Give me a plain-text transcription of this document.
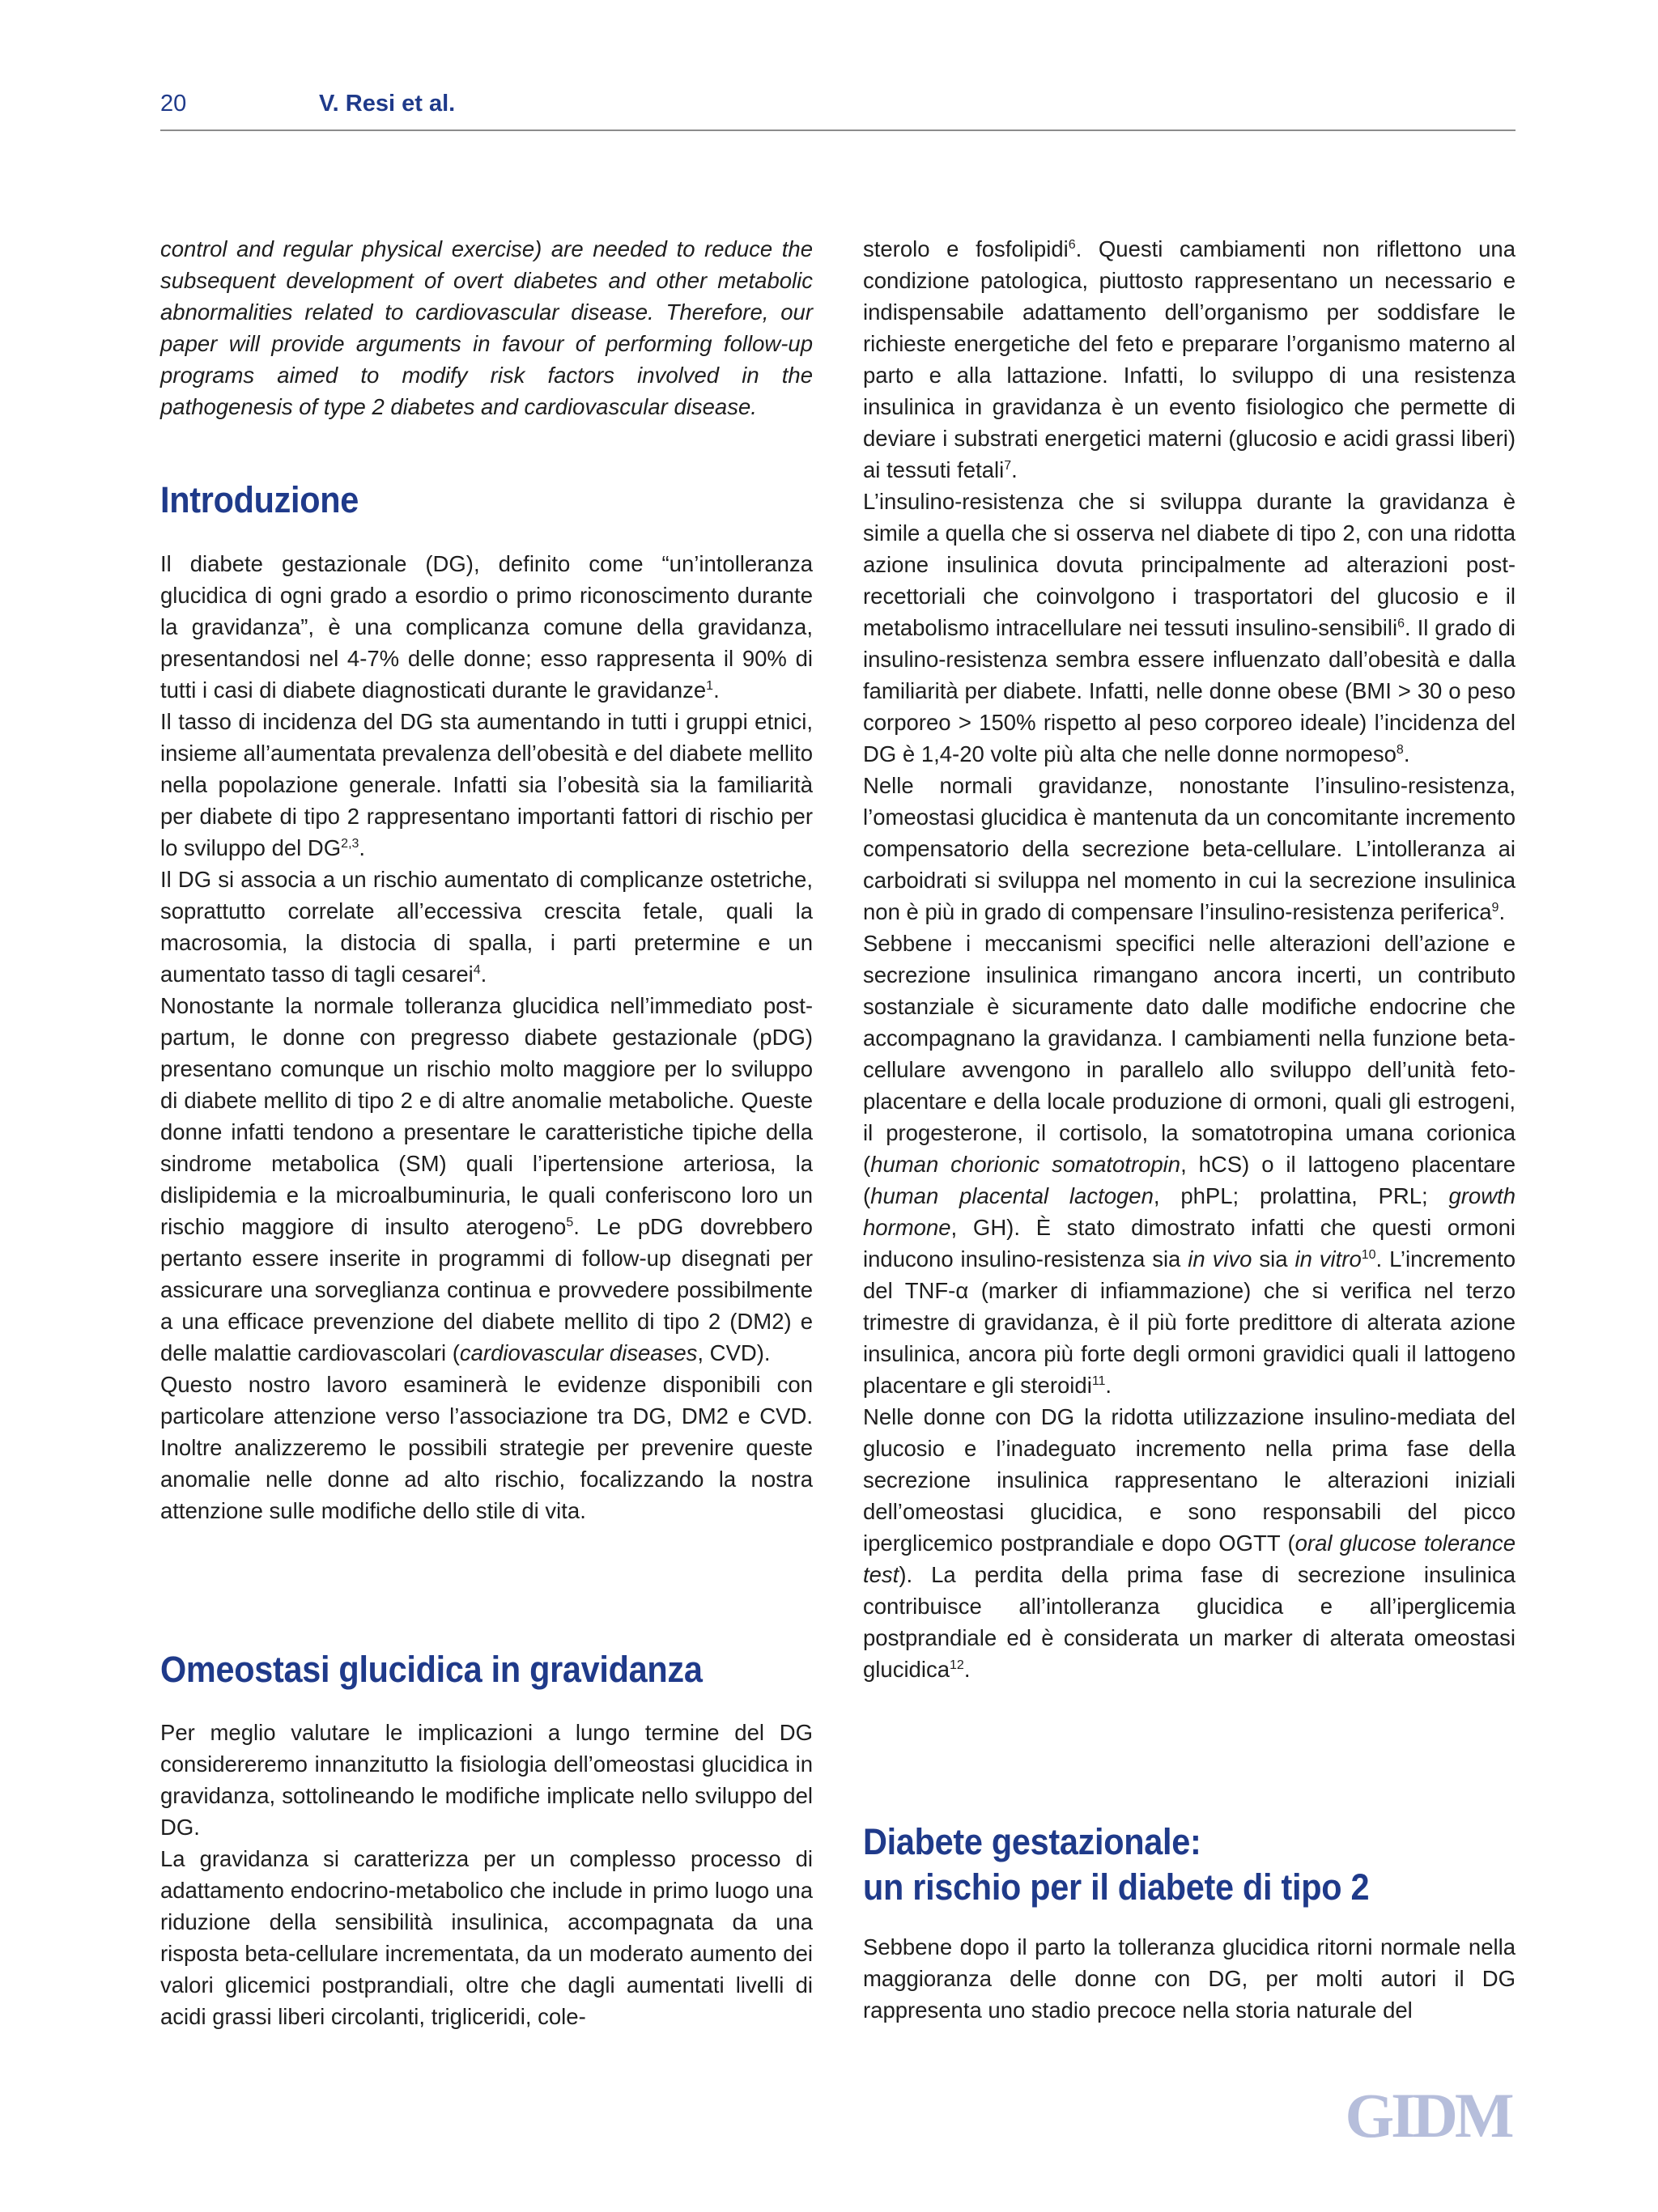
20	V. Resi et al.

control and regular physical exercise) are needed to reduce the subsequent development of overt diabetes and other metabolic abnormalities related to cardiovascular disease. Therefore, our paper will provide arguments in favour of performing follow-up programs aimed to modify risk factors involved in the pathogenesis of type 2 diabetes and cardiovascular disease.

Introduzione

Il diabete gestazionale (DG), definito come “un’intolleranza glucidica di ogni grado a esordio o primo riconoscimento durante la gravidanza”, è una complicanza comune della gravidanza, presentandosi nel 4-7% delle donne; esso rappresenta il 90% di tutti i casi di diabete diagnosticati durante le gravidanze$^1$.

Il tasso di incidenza del DG sta aumentando in tutti i gruppi etnici, insieme all’aumentata prevalenza dell’obesità e del diabete mellito nella popolazione generale. Infatti sia l’obesità sia la familiarità per diabete di tipo 2 rappresentano importanti fattori di rischio per lo sviluppo del DG$^{2,3}$.

Il DG si associa a un rischio aumentato di complicanze ostetriche, soprattutto correlate all’eccessiva crescita fetale, quali la macrosomia, la distocia di spalla, i parti pretermine e un aumentato tasso di tagli cesarei$^4$.

Nonostante la normale tolleranza glucidica nell’immediato post-partum, le donne con pregresso diabete gestazionale (pDG) presentano comunque un rischio molto maggiore per lo sviluppo di diabete mellito di tipo 2 e di altre anomalie metaboliche. Queste donne infatti tendono a presentare le caratteristiche tipiche della sindrome metabolica (SM) quali l’ipertensione arteriosa, la dislipidemia e la microalbuminuria, le quali conferiscono loro un rischio maggiore di insulto aterogeno$^5$. Le pDG dovrebbero pertanto essere inserite in programmi di follow-up disegnati per assicurare una sorveglianza continua e provvedere possibilmente a una efficace prevenzione del diabete mellito di tipo 2 (DM2) e delle malattie cardiovascolari (cardiovascular diseases, CVD).

Questo nostro lavoro esaminerà le evidenze disponibili con particolare attenzione verso l’associazione tra DG, DM2 e CVD. Inoltre analizzeremo le possibili strategie per prevenire queste anomalie nelle donne ad alto rischio, focalizzando la nostra attenzione sulle modifiche dello stile di vita.

Omeostasi glucidica in gravidanza

Per meglio valutare le implicazioni a lungo termine del DG considereremo innanzitutto la fisiologia dell’omeostasi glucidica in gravidanza, sottolineando le modifiche implicate nello sviluppo del DG.

La gravidanza si caratterizza per un complesso processo di adattamento endocrino-metabolico che include in primo luogo una riduzione della sensibilità insulinica, accompagnata da una risposta beta-cellulare incrementata, da un moderato aumento dei valori glicemici postprandiali, oltre che dagli aumentati livelli di acidi grassi liberi circolanti, trigliceridi, cole-

sterolo e fosfolipidi$^6$. Questi cambiamenti non riflettono una condizione patologica, piuttosto rappresentano un necessario e indispensabile adattamento dell’organismo per soddisfare le richieste energetiche del feto e preparare l’organismo materno al parto e alla lattazione. Infatti, lo sviluppo di una resistenza insulinica in gravidanza è un evento fisiologico che permette di deviare i substrati energetici materni (glucosio e acidi grassi liberi) ai tessuti fetali$^7$.

L’insulino-resistenza che si sviluppa durante la gravidanza è simile a quella che si osserva nel diabete di tipo 2, con una ridotta azione insulinica dovuta principalmente ad alterazioni post-recettoriali che coinvolgono i trasportatori del glucosio e il metabolismo intracellulare nei tessuti insulino-sensibili$^6$. Il grado di insulino-resistenza sembra essere influenzato dall’obesità e dalla familiarità per diabete. Infatti, nelle donne obese (BMI > 30 o peso corporeo > 150% rispetto al peso corporeo ideale) l’incidenza del DG è 1,4-20 volte più alta che nelle donne normopeso$^8$.

Nelle normali gravidanze, nonostante l’insulino-resistenza, l’omeostasi glucidica è mantenuta da un concomitante incremento compensatorio della secrezione beta-cellulare. L’intolleranza ai carboidrati si sviluppa nel momento in cui la secrezione insulinica non è più in grado di compensare l’insulino-resistenza periferica$^9$.

Sebbene i meccanismi specifici nelle alterazioni dell’azione e secrezione insulinica rimangano ancora incerti, un contributo sostanziale è sicuramente dato dalle modifiche endocrine che accompagnano la gravidanza. I cambiamenti nella funzione beta-cellulare avvengono in parallelo allo sviluppo dell’unità feto-placentare e della locale produzione di ormoni, quali gli estrogeni, il progesterone, il cortisolo, la somatotropina umana corionica (human chorionic somatotropin, hCS) o il lattogeno placentare (human placental lactogen, phPL; prolattina, PRL; growth hormone, GH). È stato dimostrato infatti che questi ormoni inducono insulino-resistenza sia in vivo sia in vitro$^{10}$. L’incremento del TNF-α (marker di infiammazione) che si verifica nel terzo trimestre di gravidanza, è il più forte predittore di alterata azione insulinica, ancora più forte degli ormoni gravidici quali il lattogeno placentare e gli steroidi$^{11}$.

Nelle donne con DG la ridotta utilizzazione insulino-mediata del glucosio e l’inadeguato incremento nella prima fase della secrezione insulinica rappresentano le alterazioni iniziali dell’omeostasi glucidica, e sono responsabili del picco iperglicemico postprandiale e dopo OGTT (oral glucose tolerance test). La perdita della prima fase di secrezione insulinica contribuisce all’intolleranza glucidica e all’iperglicemia postprandiale ed è considerata un marker di alterata omeostasi glucidica$^{12}$.

Diabete gestazionale:
un rischio per il diabete di tipo 2

Sebbene dopo il parto la tolleranza glucidica ritorni normale nella maggioranza delle donne con DG, per molti autori il DG rappresenta uno stadio precoce nella storia naturale del

GIDM
